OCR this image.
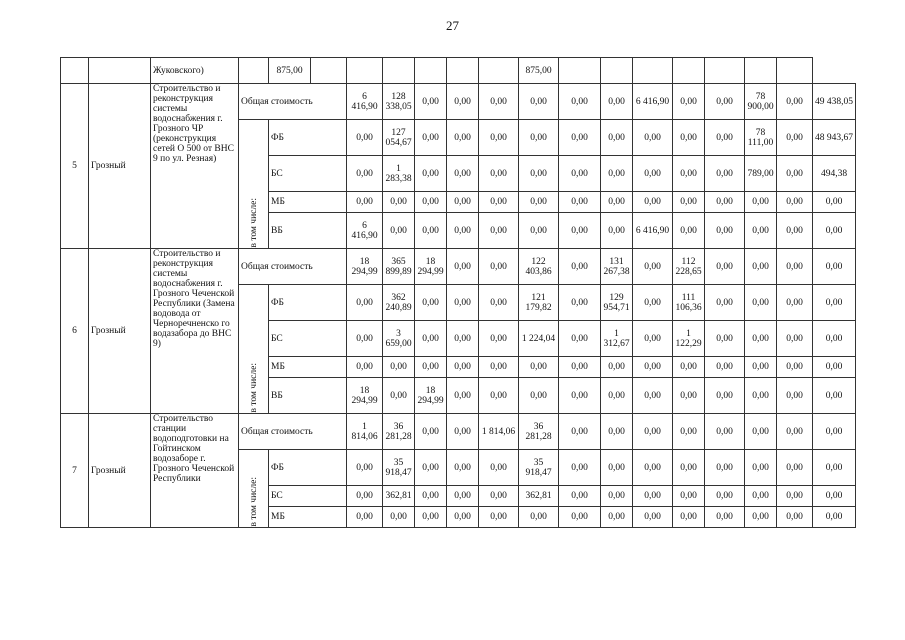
27
		Жуковского)		875,00							875,00								
5	Грозный	Строительство и реконструкция системы водоснабжения г. Грозного ЧР (реконструкция сетей О 500 от ВНС 9 по ул. Резная)	Общая стоимость			6 416,90	128 338,05	0,00	0,00	0,00	0,00	0,00	0,00	6 416,90	0,00	0,00	78 900,00	0,00	49 438,05

			в том числе:	ФБ		0,00	127 054,67	0,00	0,00	0,00	0,00	0,00	0,00	0,00	0,00	0,00	78 111,00	0,00	48 943,67
				БС		0,00	1 283,38	0,00	0,00	0,00	0,00	0,00	0,00	0,00	0,00	0,00	789,00	0,00	494,38
				МБ		0,00	0,00	0,00	0,00	0,00	0,00	0,00	0,00	0,00	0,00	0,00	0,00	0,00	0,00
				ВБ		6 416,90	0,00	0,00	0,00	0,00	0,00	0,00	0,00	6 416,90	0,00	0,00	0,00	0,00	0,00
6	Грозный	Строительство и реконструкция системы водоснабжения г. Грозного Чеченской Республики (Замена водовода от Черноречненско го водазабора до ВНС 9)	Общая стоимость			18 294,99	365 899,89	18 294,99	0,00	0,00	122 403,86	0,00	131 267,38	0,00	112 228,65	0,00	0,00	0,00	0,00

			в том числе:	ФБ		0,00	362 240,89	0,00	0,00	0,00	121 179,82	0,00	129 954,71	0,00	111 106,36	0,00	0,00	0,00	0,00
				БС		0,00	3 659,00	0,00	0,00	0,00	1 224,04	0,00	1 312,67	0,00	1 122,29	0,00	0,00	0,00	0,00
				МБ		0,00	0,00	0,00	0,00	0,00	0,00	0,00	0,00	0,00	0,00	0,00	0,00	0,00	0,00
				ВБ		18 294,99	0,00	18 294,99	0,00	0,00	0,00	0,00	0,00	0,00	0,00	0,00	0,00	0,00	0,00
7	Грозный	Строительство станции водоподготовки на Гойтинском водозаборе г. Грозного Чеченской Республики	Общая стоимость			1 814,06	36 281,28	0,00	0,00	1 814,06	36 281,28	0,00	0,00	0,00	0,00	0,00	0,00	0,00	0,00

			в том числе:	ФБ		0,00	35 918,47	0,00	0,00	0,00	35 918,47	0,00	0,00	0,00	0,00	0,00	0,00	0,00	0,00
				БС		0,00	362,81	0,00	0,00	0,00	362,81	0,00	0,00	0,00	0,00	0,00	0,00	0,00	0,00
				МБ		0,00	0,00	0,00	0,00	0,00	0,00	0,00	0,00	0,00	0,00	0,00	0,00	0,00	0,00
